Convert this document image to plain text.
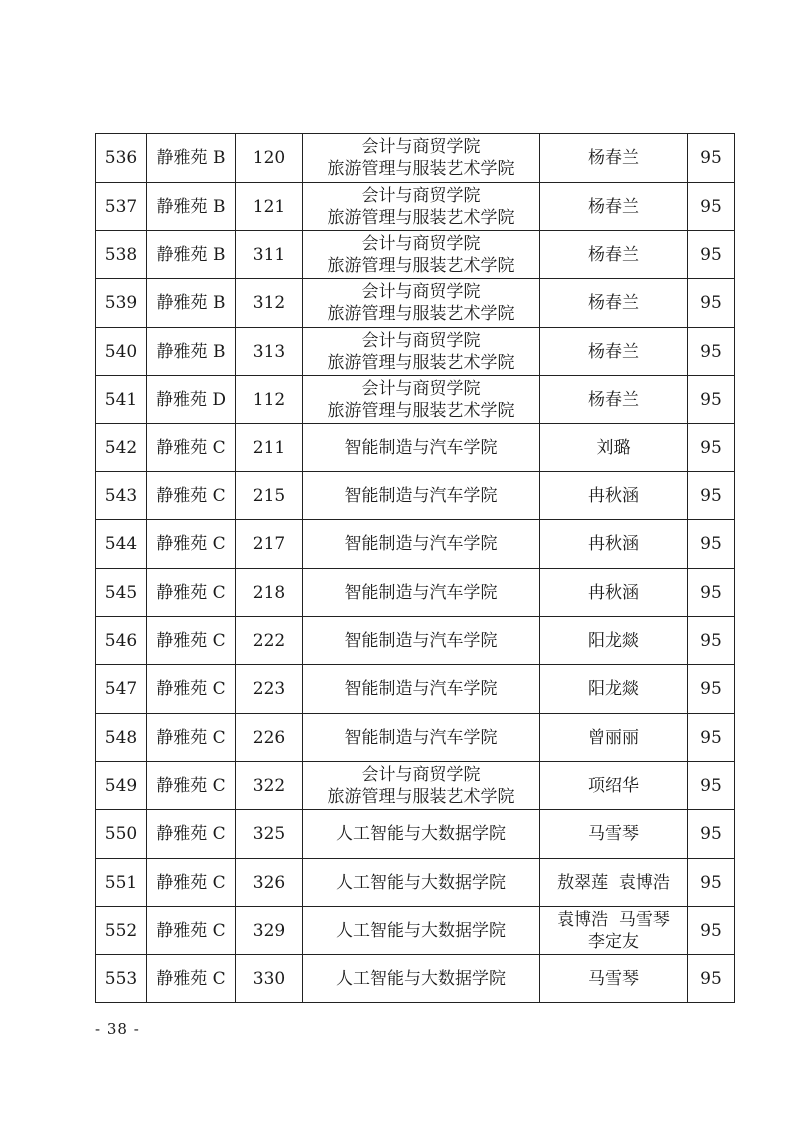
536	静雅苑 B	120	会计与商贸学院
旅游管理与服装艺术学院	杨春兰	95
537	静雅苑 B	121	会计与商贸学院
旅游管理与服装艺术学院	杨春兰	95
538	静雅苑 B	311	会计与商贸学院
旅游管理与服装艺术学院	杨春兰	95
539	静雅苑 B	312	会计与商贸学院
旅游管理与服装艺术学院	杨春兰	95
540	静雅苑 B	313	会计与商贸学院
旅游管理与服装艺术学院	杨春兰	95
541	静雅苑 D	112	会计与商贸学院
旅游管理与服装艺术学院	杨春兰	95
542	静雅苑 C	211	智能制造与汽车学院	刘璐	95
543	静雅苑 C	215	智能制造与汽车学院	冉秋涵	95
544	静雅苑 C	217	智能制造与汽车学院	冉秋涵	95
545	静雅苑 C	218	智能制造与汽车学院	冉秋涵	95
546	静雅苑 C	222	智能制造与汽车学院	阳龙燚	95
547	静雅苑 C	223	智能制造与汽车学院	阳龙燚	95
548	静雅苑 C	226	智能制造与汽车学院	曾丽丽	95
549	静雅苑 C	322	会计与商贸学院
旅游管理与服装艺术学院	项绍华	95
550	静雅苑 C	325	人工智能与大数据学院	马雪琴	95
551	静雅苑 C	326	人工智能与大数据学院	敖翠莲  袁博浩	95
552	静雅苑 C	329	人工智能与大数据学院	袁博浩  马雪琴
李定友	95
553	静雅苑 C	330	人工智能与大数据学院	马雪琴	95
- 38 -
